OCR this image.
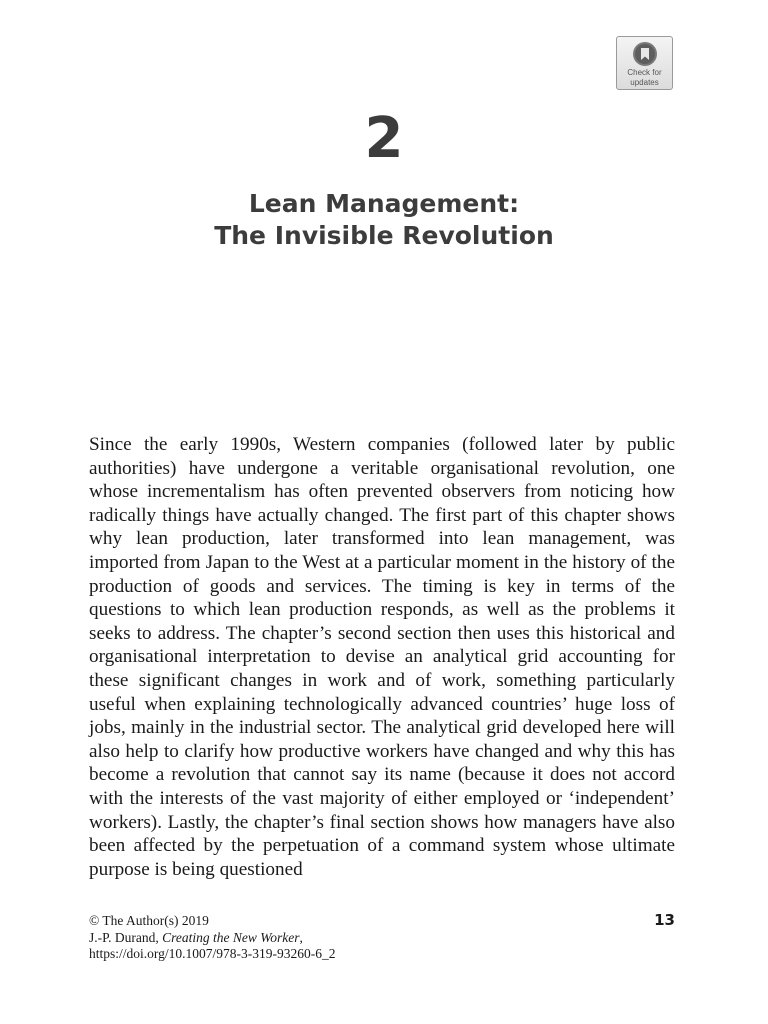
Check for
updates
2
Lean Management:
The Invisible Revolution

Since the early 1990s, Western companies (followed later by public authorities) have undergone a veritable organisational revolution, one whose incrementalism has often prevented observers from noticing how radically things have actually changed. The first part of this chapter shows why lean production, later transformed into lean management, was imported from Japan to the West at a particular moment in the history of the production of goods and services. The timing is key in terms of the questions to which lean production responds, as well as the problems it seeks to address. The chapter’s second section then uses this historical and organisational interpretation to devise an analytical grid accounting for these significant changes in work and of work, something particularly useful when explaining technologically advanced countries’ huge loss of jobs, mainly in the industrial sector. The analytical grid developed here will also help to clarify how productive workers have changed and why this has become a revolution that cannot say its name (because it does not accord with the interests of the vast majority of either employed or ‘independent’ workers). Lastly, the chapter’s final section shows how managers have also been affected by the perpetuation of a command system whose ultimate purpose is being questioned

© The Author(s) 2019
J.-P. Durand, Creating the New Worker,
https://doi.org/10.1007/978-3-319-93260-6_2
13
